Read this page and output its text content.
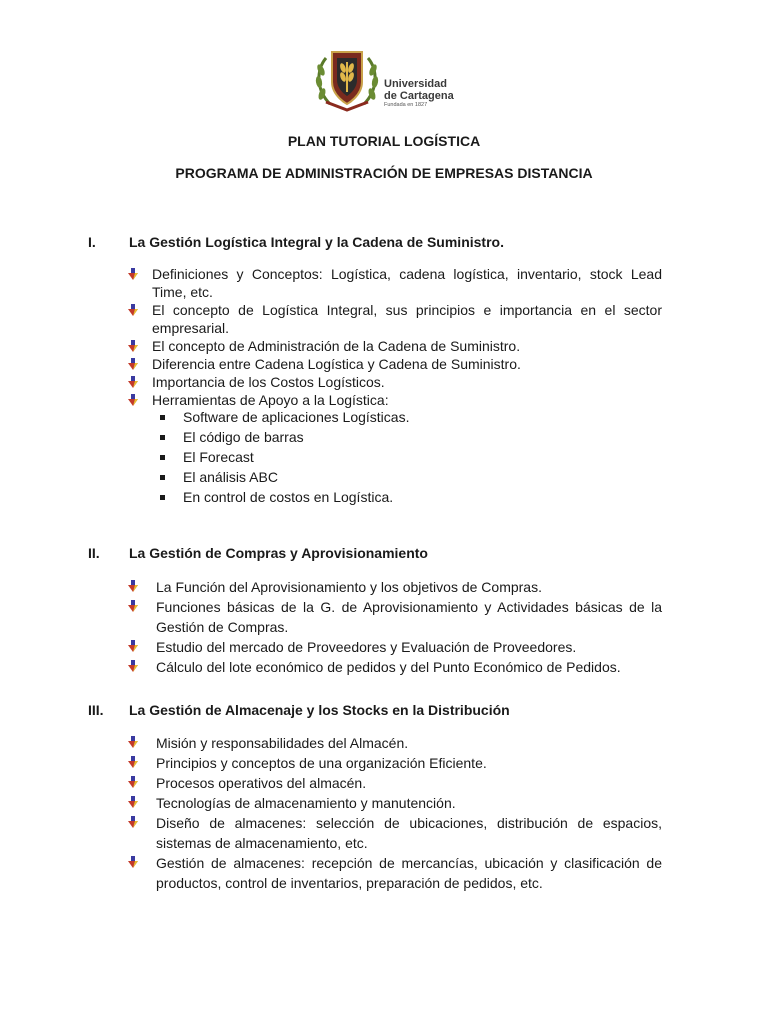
Universidad
de Cartagena
Fundada en 1827
PLAN TUTORIAL LOGÍSTICA
PROGRAMA DE ADMINISTRACIÓN DE EMPRESAS DISTANCIA
I.	La Gestión Logística Integral y la Cadena de Suministro.
Definiciones y Conceptos: Logística, cadena logística, inventario, stock Lead Time, etc.
El concepto de Logística Integral, sus principios e importancia en el sector empresarial.
El concepto de Administración de la Cadena de Suministro.
Diferencia entre Cadena Logística y Cadena de Suministro.
Importancia de los Costos Logísticos.
Herramientas de Apoyo a la Logística:
Software de aplicaciones Logísticas.
El código de barras
El Forecast
El análisis ABC
En control de costos en Logística.
II.	La Gestión de Compras y Aprovisionamiento
La Función del Aprovisionamiento y los objetivos de Compras.
Funciones básicas de la G. de Aprovisionamiento y Actividades básicas de la Gestión de Compras.
Estudio del mercado de Proveedores y Evaluación de Proveedores.
Cálculo del lote económico de pedidos y del Punto Económico de Pedidos.
III.	La Gestión de Almacenaje y los Stocks en la Distribución
Misión y responsabilidades del Almacén.
Principios y conceptos de una organización Eficiente.
Procesos operativos del almacén.
Tecnologías de almacenamiento y manutención.
Diseño de almacenes: selección de ubicaciones, distribución de espacios, sistemas de almacenamiento, etc.
Gestión de almacenes: recepción de mercancías, ubicación y clasificación de productos, control de inventarios, preparación de pedidos, etc.
